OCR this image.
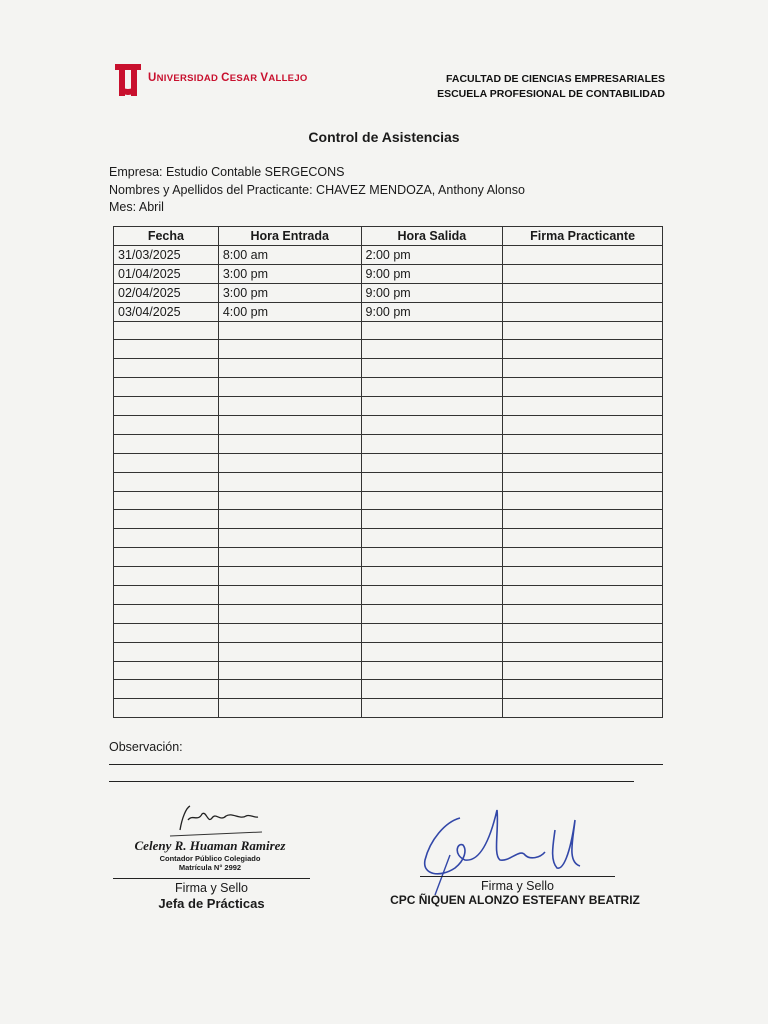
UNIVERSIDAD CESAR VALLEJO	FACULTAD DE CIENCIAS EMPRESARIALES
ESCUELA PROFESIONAL DE CONTABILIDAD
Control de Asistencias
Empresa: Estudio Contable SERGECONS
Nombres y Apellidos del Practicante: CHAVEZ MENDOZA, Anthony Alonso
Mes: Abril
Fecha	Hora Entrada	Hora Salida	Firma Practicante
31/03/2025	8:00 am	2:00 pm	
01/04/2025	3:00 pm	9:00 pm	
02/04/2025	3:00 pm	9:00 pm	
03/04/2025	4:00 pm	9:00 pm	

Observación:
Celeny R. Huaman Ramirez
Contador Público Colegiado
Matrícula N° 2992
Firma y Sello
Jefa de Prácticas
Firma y Sello
CPC ÑIQUEN ALONZO ESTEFANY BEATRIZ
